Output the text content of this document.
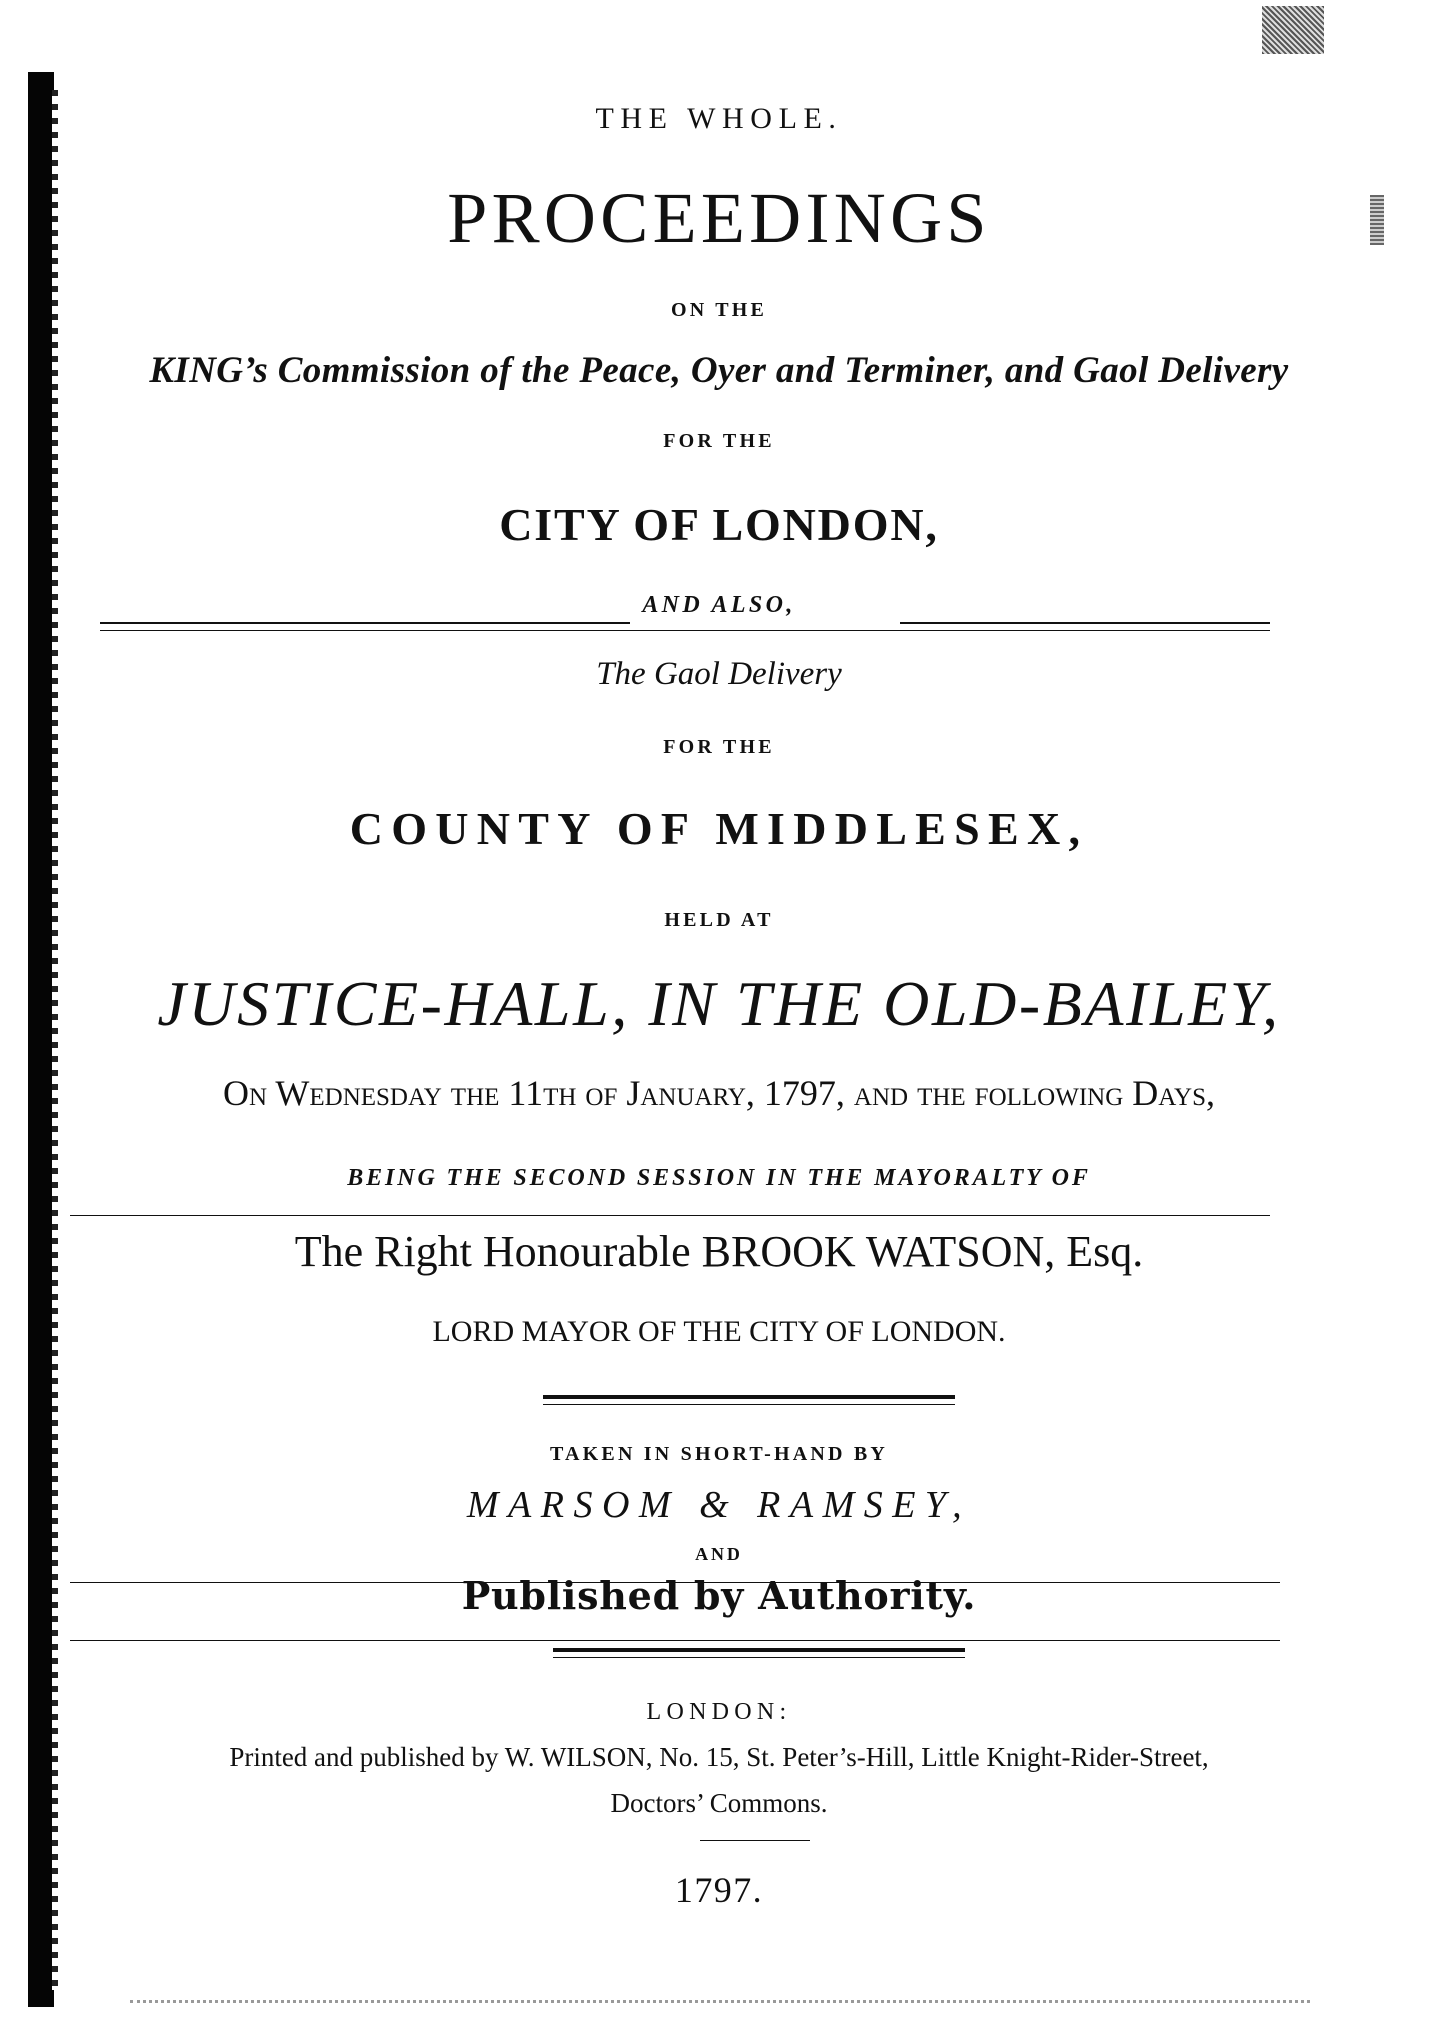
THE WHOLE.
PROCEEDINGS
ON THE
KING’s Commission of the Peace, Oyer and Terminer, and Gaol Delivery
FOR THE
CITY OF LONDON,
AND ALSO,
The Gaol Delivery
FOR THE
COUNTY OF MIDDLESEX,
HELD AT
JUSTICE-HALL, IN THE OLD-BAILEY,
On Wednesday the 11th of January, 1797, and the following Days,
BEING THE SECOND SESSION IN THE MAYORALTY OF
The Right Honourable BROOK WATSON, Esq.
LORD MAYOR OF THE CITY OF LONDON.
TAKEN IN SHORT-HAND BY
MARSOM & RAMSEY,
AND
Published by Authority.
LONDON:
Printed and published by W. WILSON, No. 15, St. Peter’s-Hill, Little Knight-Rider-Street,
Doctors’ Commons.
1797.
